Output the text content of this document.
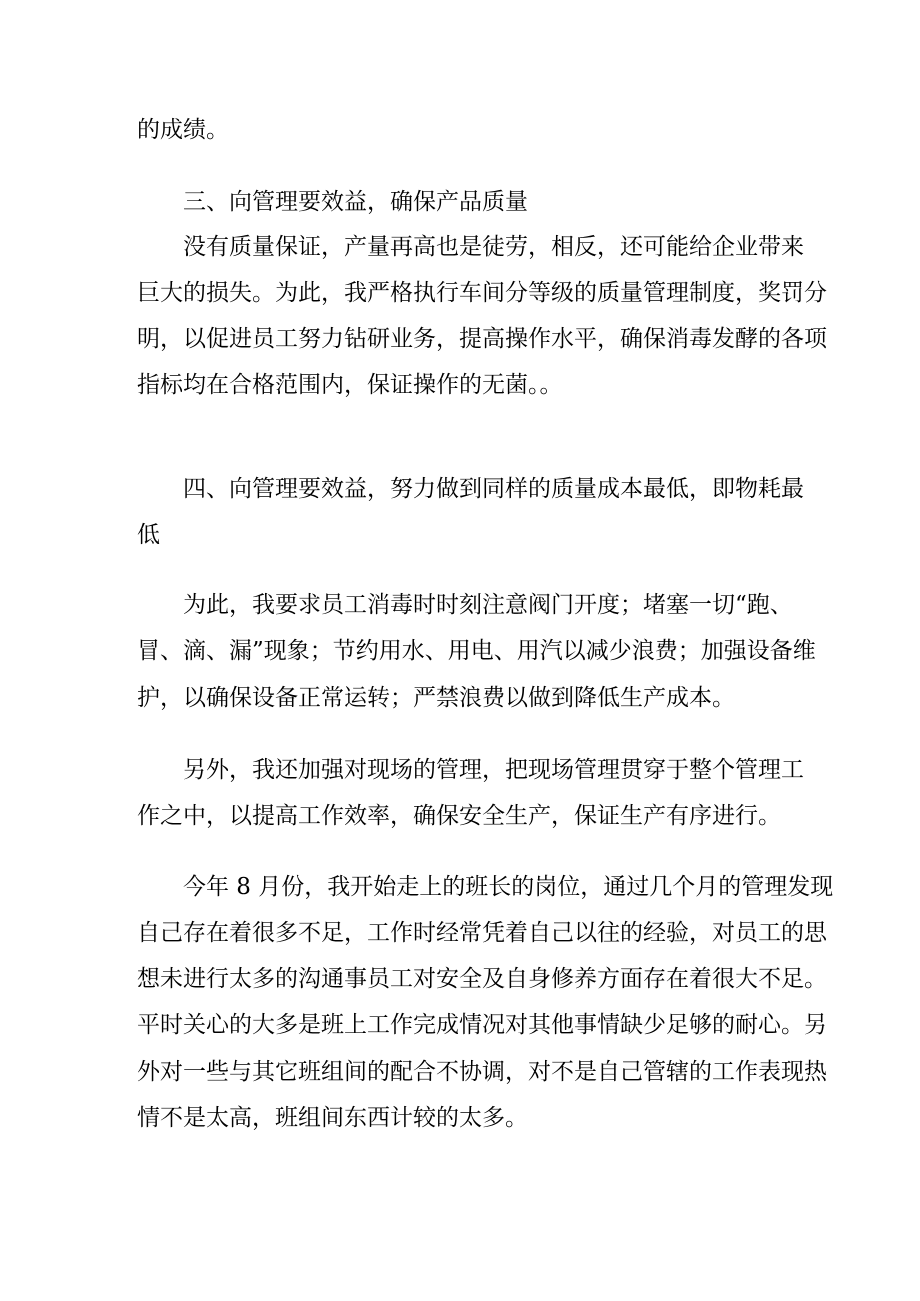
的成绩。
三、向管理要效益，确保产品质量
没有质量保证，产量再高也是徒劳，相反，还可能给企业带来
巨大的损失。为此，我严格执行车间分等级的质量管理制度，奖罚分
明，以促进员工努力钻研业务，提高操作水平，确保消毒发酵的各项
指标均在合格范围内，保证操作的无菌。。
四、向管理要效益，努力做到同样的质量成本最低，即物耗最
低
为此，我要求员工消毒时时刻注意阀门开度；堵塞一切“跑、
冒、滴、漏”现象；节约用水、用电、用汽以减少浪费；加强设备维
护，以确保设备正常运转；严禁浪费以做到降低生产成本。
另外，我还加强对现场的管理，把现场管理贯穿于整个管理工
作之中，以提高工作效率，确保安全生产，保证生产有序进行。
今年 8 月份，我开始走上的班长的岗位，通过几个月的管理发现
自己存在着很多不足，工作时经常凭着自己以往的经验，对员工的思
想未进行太多的沟通事员工对安全及自身修养方面存在着很大不足。
平时关心的大多是班上工作完成情况对其他事情缺少足够的耐心。另
外对一些与其它班组间的配合不协调，对不是自己管辖的工作表现热
情不是太高，班组间东西计较的太多。
